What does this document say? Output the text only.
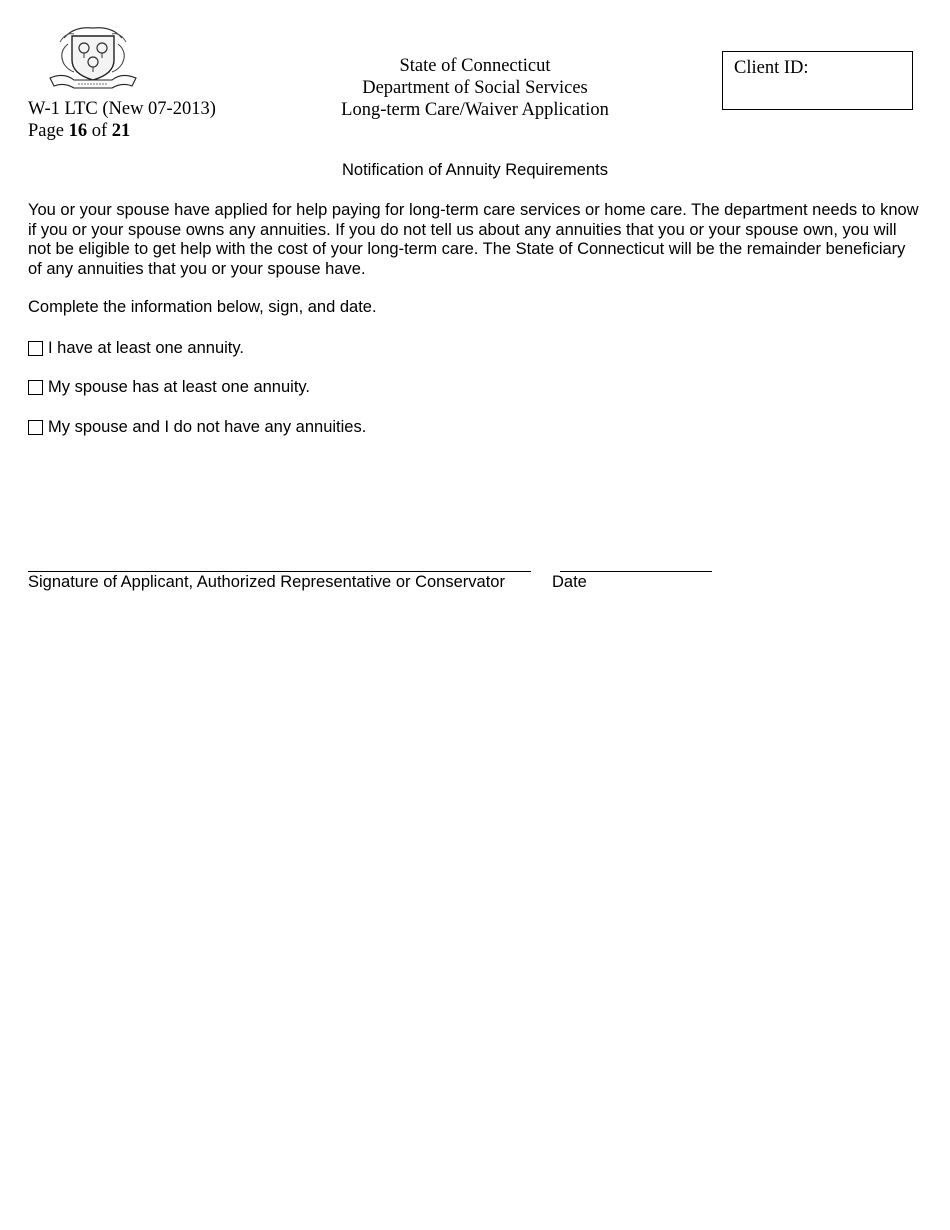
W-1 LTC (New 07-2013)
Page 16 of 21
State of Connecticut
Department of Social Services
Long-term Care/Waiver Application
Client ID:
Notification of Annuity Requirements
You or your spouse have applied for help paying for long-term care services or home care. The department needs to know if you or your spouse owns any annuities. If you do not tell us about any annuities that you or your spouse own, you will not be eligible to get help with the cost of your long-term care. The State of Connecticut will be the remainder beneficiary of any annuities that you or your spouse have.
Complete the information below, sign, and date.
I have at least one annuity.
My spouse has at least one annuity.
My spouse and I do not have any annuities.
Signature of Applicant, Authorized Representative or Conservator	Date
